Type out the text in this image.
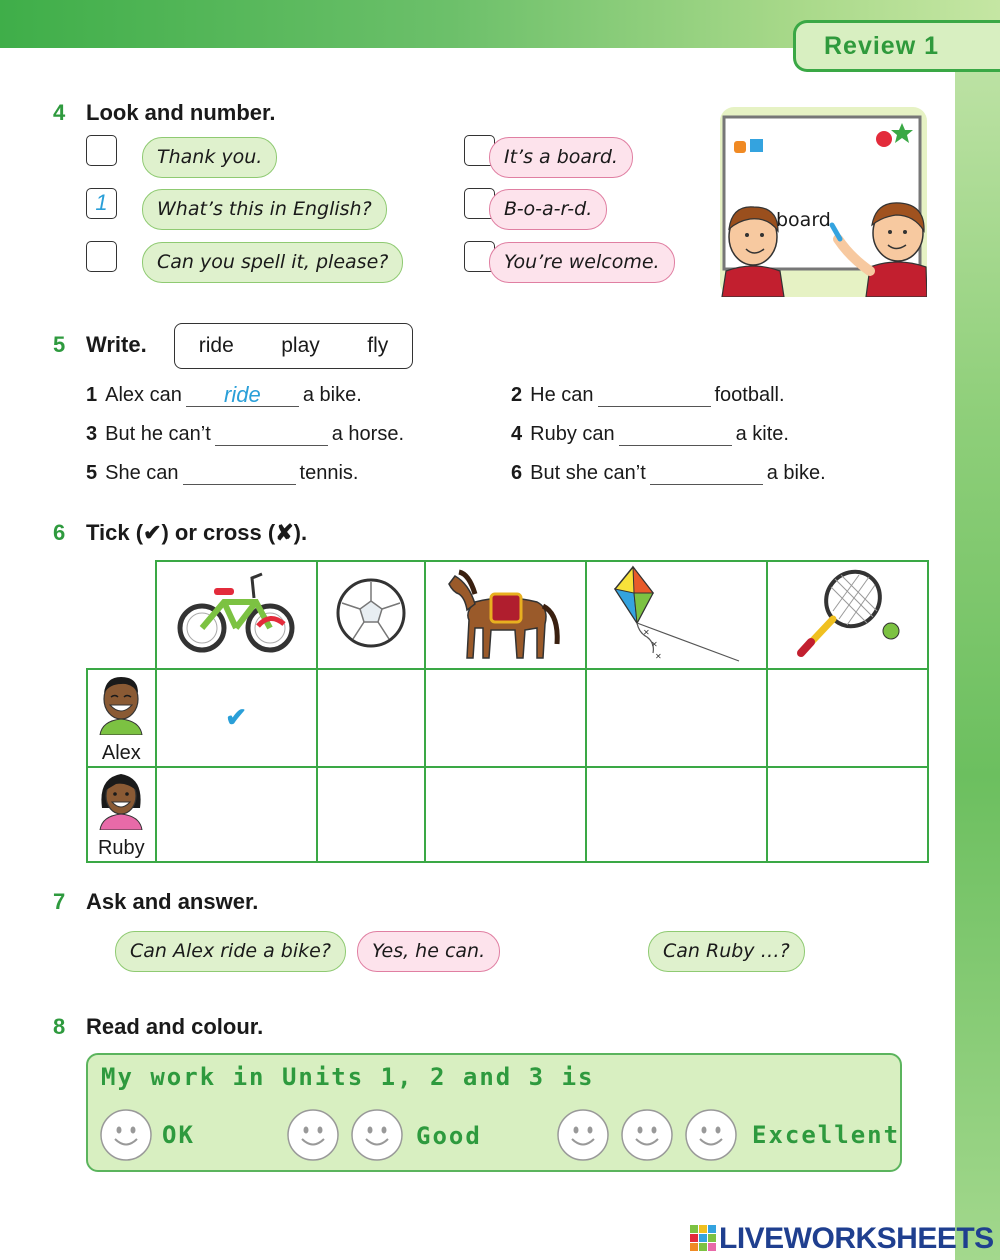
Review 1
4 Look and number.
Thank you.
1	What’s this in English?
Can you spell it, please?
It’s a board.
B-o-a-r-d.
You’re welcome.
board
5 Write. ride play fly
1 Alex can ride a bike.	2 He can	football.
3 But he can’t	a horse.	4 Ruby can	a kite.
5 She can	tennis.	6 But she can’t	a bike.
6 Tick (✔) or cross (✘).

✕
✕
✕

Alex	✔				

Ruby					

7 Ask and answer.
Can Alex ride a bike?	Yes, he can.	Can Ruby …?
8 Read and colour.
My work in Units 1, 2 and 3 is
OK	Good	Excellent
LIVEWORKSHEETS
